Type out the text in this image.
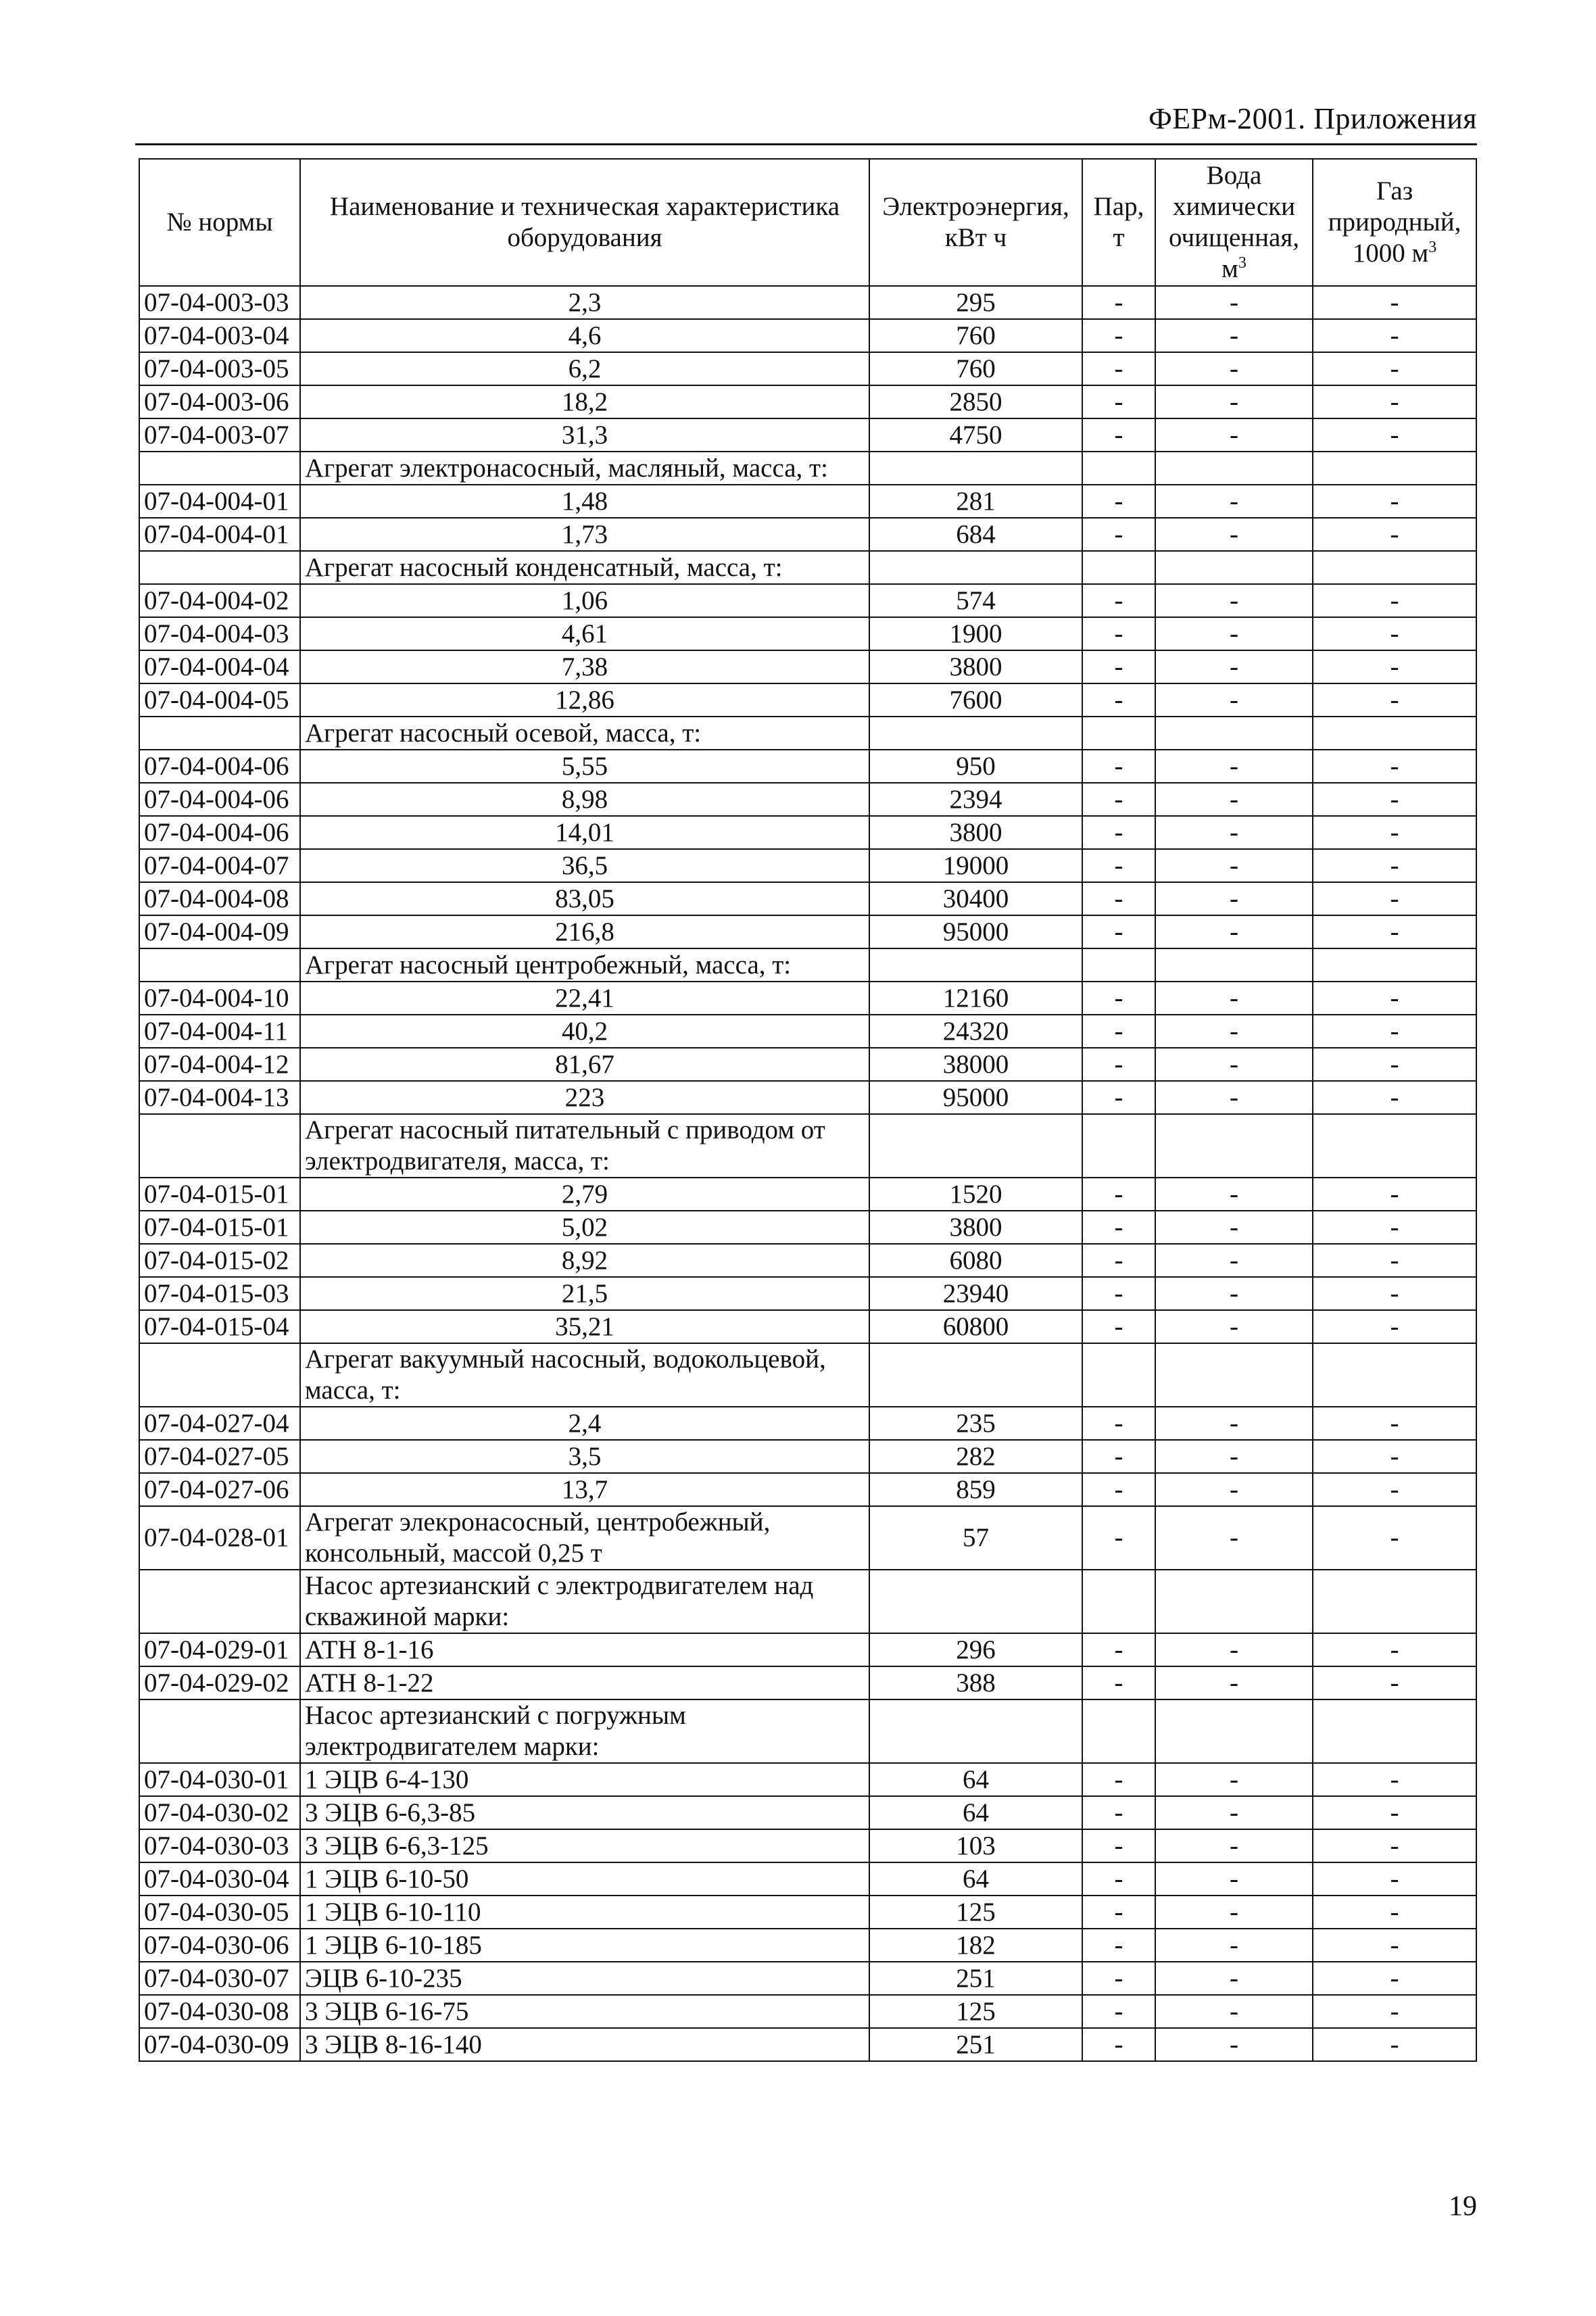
ФЕРм-2001. Приложения
№ нормы	Наименование и техническая характеристика оборудования	Электроэнергия, кВт ч	Пар, т	Вода химически очищенная, $м^3$	Газ природный, 1000 $м^3$
07-04-003-03	2,3	295	-	-	-
07-04-003-04	4,6	760	-	-	-
07-04-003-05	6,2	760	-	-	-
07-04-003-06	18,2	2850	-	-	-
07-04-003-07	31,3	4750	-	-	-
	Агрегат электронасосный, масляный, масса, т:				
07-04-004-01	1,48	281	-	-	-
07-04-004-01	1,73	684	-	-	-
	Агрегат насосный конденсатный, масса, т:				
07-04-004-02	1,06	574	-	-	-
07-04-004-03	4,61	1900	-	-	-
07-04-004-04	7,38	3800	-	-	-
07-04-004-05	12,86	7600	-	-	-
	Агрегат насосный осевой, масса, т:				
07-04-004-06	5,55	950	-	-	-
07-04-004-06	8,98	2394	-	-	-
07-04-004-06	14,01	3800	-	-	-
07-04-004-07	36,5	19000	-	-	-
07-04-004-08	83,05	30400	-	-	-
07-04-004-09	216,8	95000	-	-	-
	Агрегат насосный центробежный, масса, т:				
07-04-004-10	22,41	12160	-	-	-
07-04-004-11	40,2	24320	-	-	-
07-04-004-12	81,67	38000	-	-	-
07-04-004-13	223	95000	-	-	-
	Агрегат насосный питательный с приводом от электродвигателя, масса, т:				
07-04-015-01	2,79	1520	-	-	-
07-04-015-01	5,02	3800	-	-	-
07-04-015-02	8,92	6080	-	-	-
07-04-015-03	21,5	23940	-	-	-
07-04-015-04	35,21	60800	-	-	-
	Агрегат вакуумный насосный, водокольцевой, масса, т:				
07-04-027-04	2,4	235	-	-	-
07-04-027-05	3,5	282	-	-	-
07-04-027-06	13,7	859	-	-	-
07-04-028-01	Агрегат элекронасосный, центробежный, консольный, массой 0,25 т	57	-	-	-
	Насос артезианский с электродвигателем над скважиной марки:				
07-04-029-01	АТН 8-1-16	296	-	-	-
07-04-029-02	АТН 8-1-22	388	-	-	-
	Насос артезианский с погружным электродвигателем марки:				
07-04-030-01	1 ЭЦВ 6-4-130	64	-	-	-
07-04-030-02	3 ЭЦВ 6-6,3-85	64	-	-	-
07-04-030-03	3 ЭЦВ 6-6,3-125	103	-	-	-
07-04-030-04	1 ЭЦВ 6-10-50	64	-	-	-
07-04-030-05	1 ЭЦВ 6-10-110	125	-	-	-
07-04-030-06	1 ЭЦВ 6-10-185	182	-	-	-
07-04-030-07	ЭЦВ 6-10-235	251	-	-	-
07-04-030-08	3 ЭЦВ 6-16-75	125	-	-	-
07-04-030-09	3 ЭЦВ 8-16-140	251	-	-	-
19
